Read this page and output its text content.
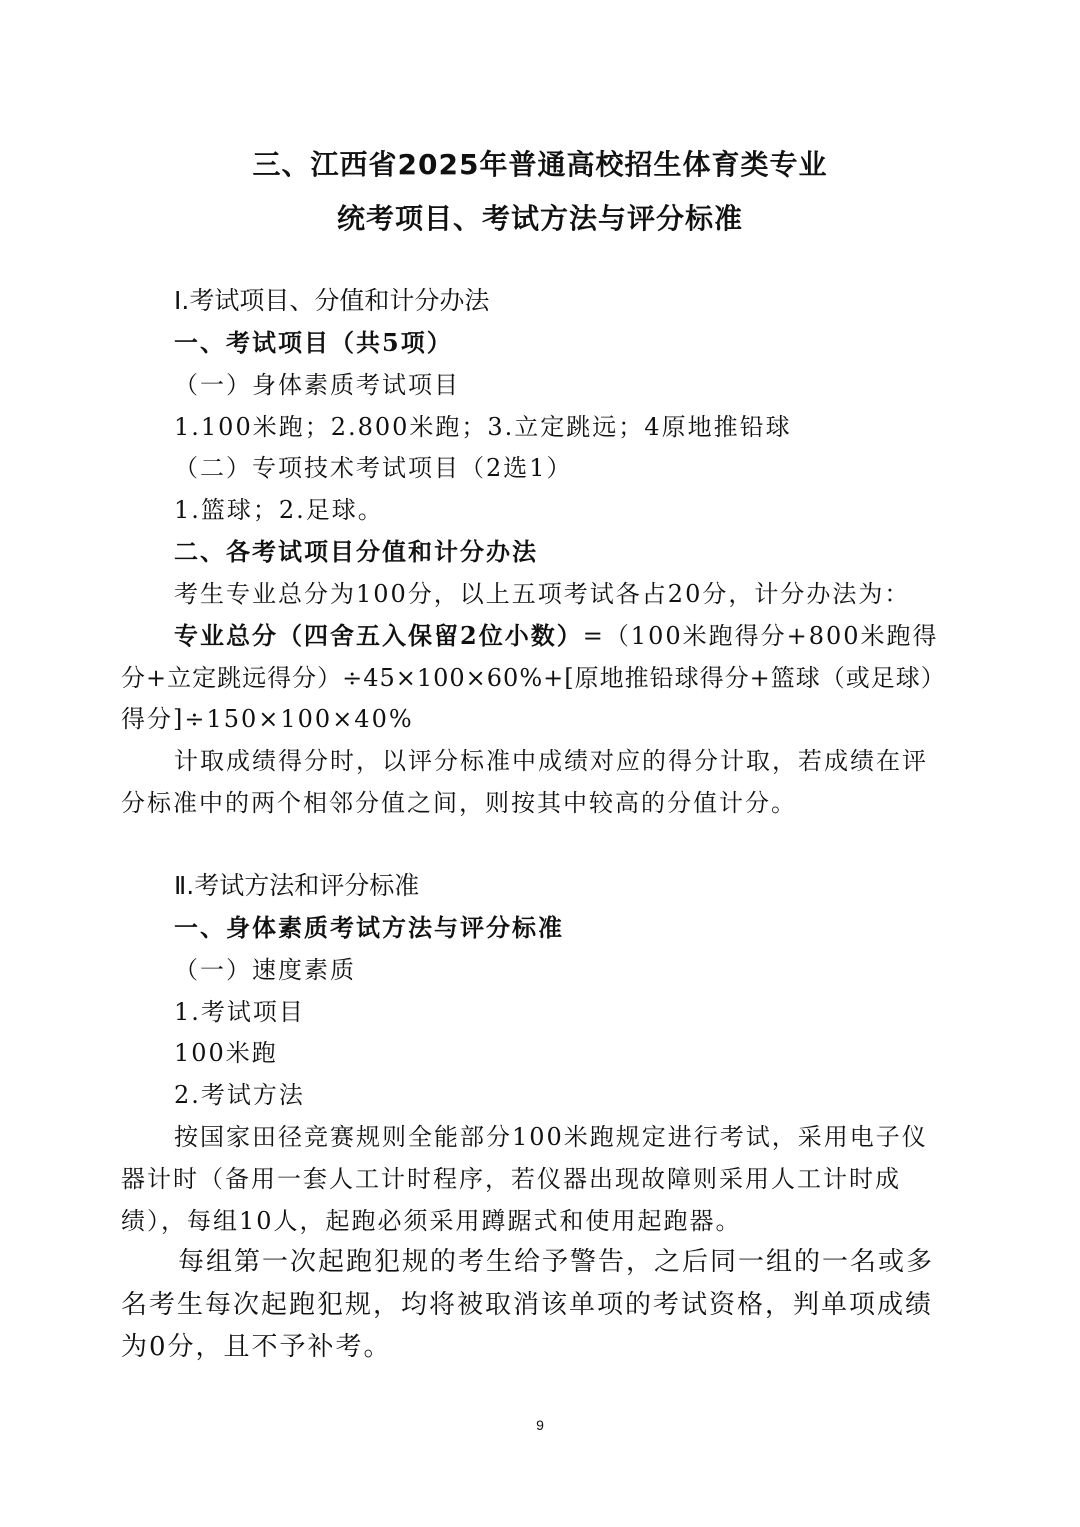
三、江西省2025年普通高校招生体育类专业
统考项目、考试方法与评分标准
Ⅰ.考试项目、分值和计分办法
一、考试项目（共5项）
（一）身体素质考试项目
1.100米跑；2.800米跑；3.立定跳远；4原地推铅球
（二）专项技术考试项目（2选1）
1.篮球；2.足球。
二、各考试项目分值和计分办法
考生专业总分为100分，以上五项考试各占20分，计分办法为：
专业总分（四舍五入保留2位小数）=（100米跑得分+800米跑得
分+立定跳远得分）÷45×100×60%+[原地推铅球得分+篮球（或足球）
得分]÷150×100×40%
计取成绩得分时，以评分标准中成绩对应的得分计取，若成绩在评
分标准中的两个相邻分值之间，则按其中较高的分值计分。
Ⅱ.考试方法和评分标准
一、身体素质考试方法与评分标准
（一）速度素质
1.考试项目
100米跑
2.考试方法
按国家田径竞赛规则全能部分100米跑规定进行考试，采用电子仪
器计时（备用一套人工计时程序，若仪器出现故障则采用人工计时成
绩），每组10人，起跑必须采用蹲踞式和使用起跑器。
每组第一次起跑犯规的考生给予警告，之后同一组的一名或多
名考生每次起跑犯规，均将被取消该单项的考试资格，判单项成绩
为0分，且不予补考。
9
